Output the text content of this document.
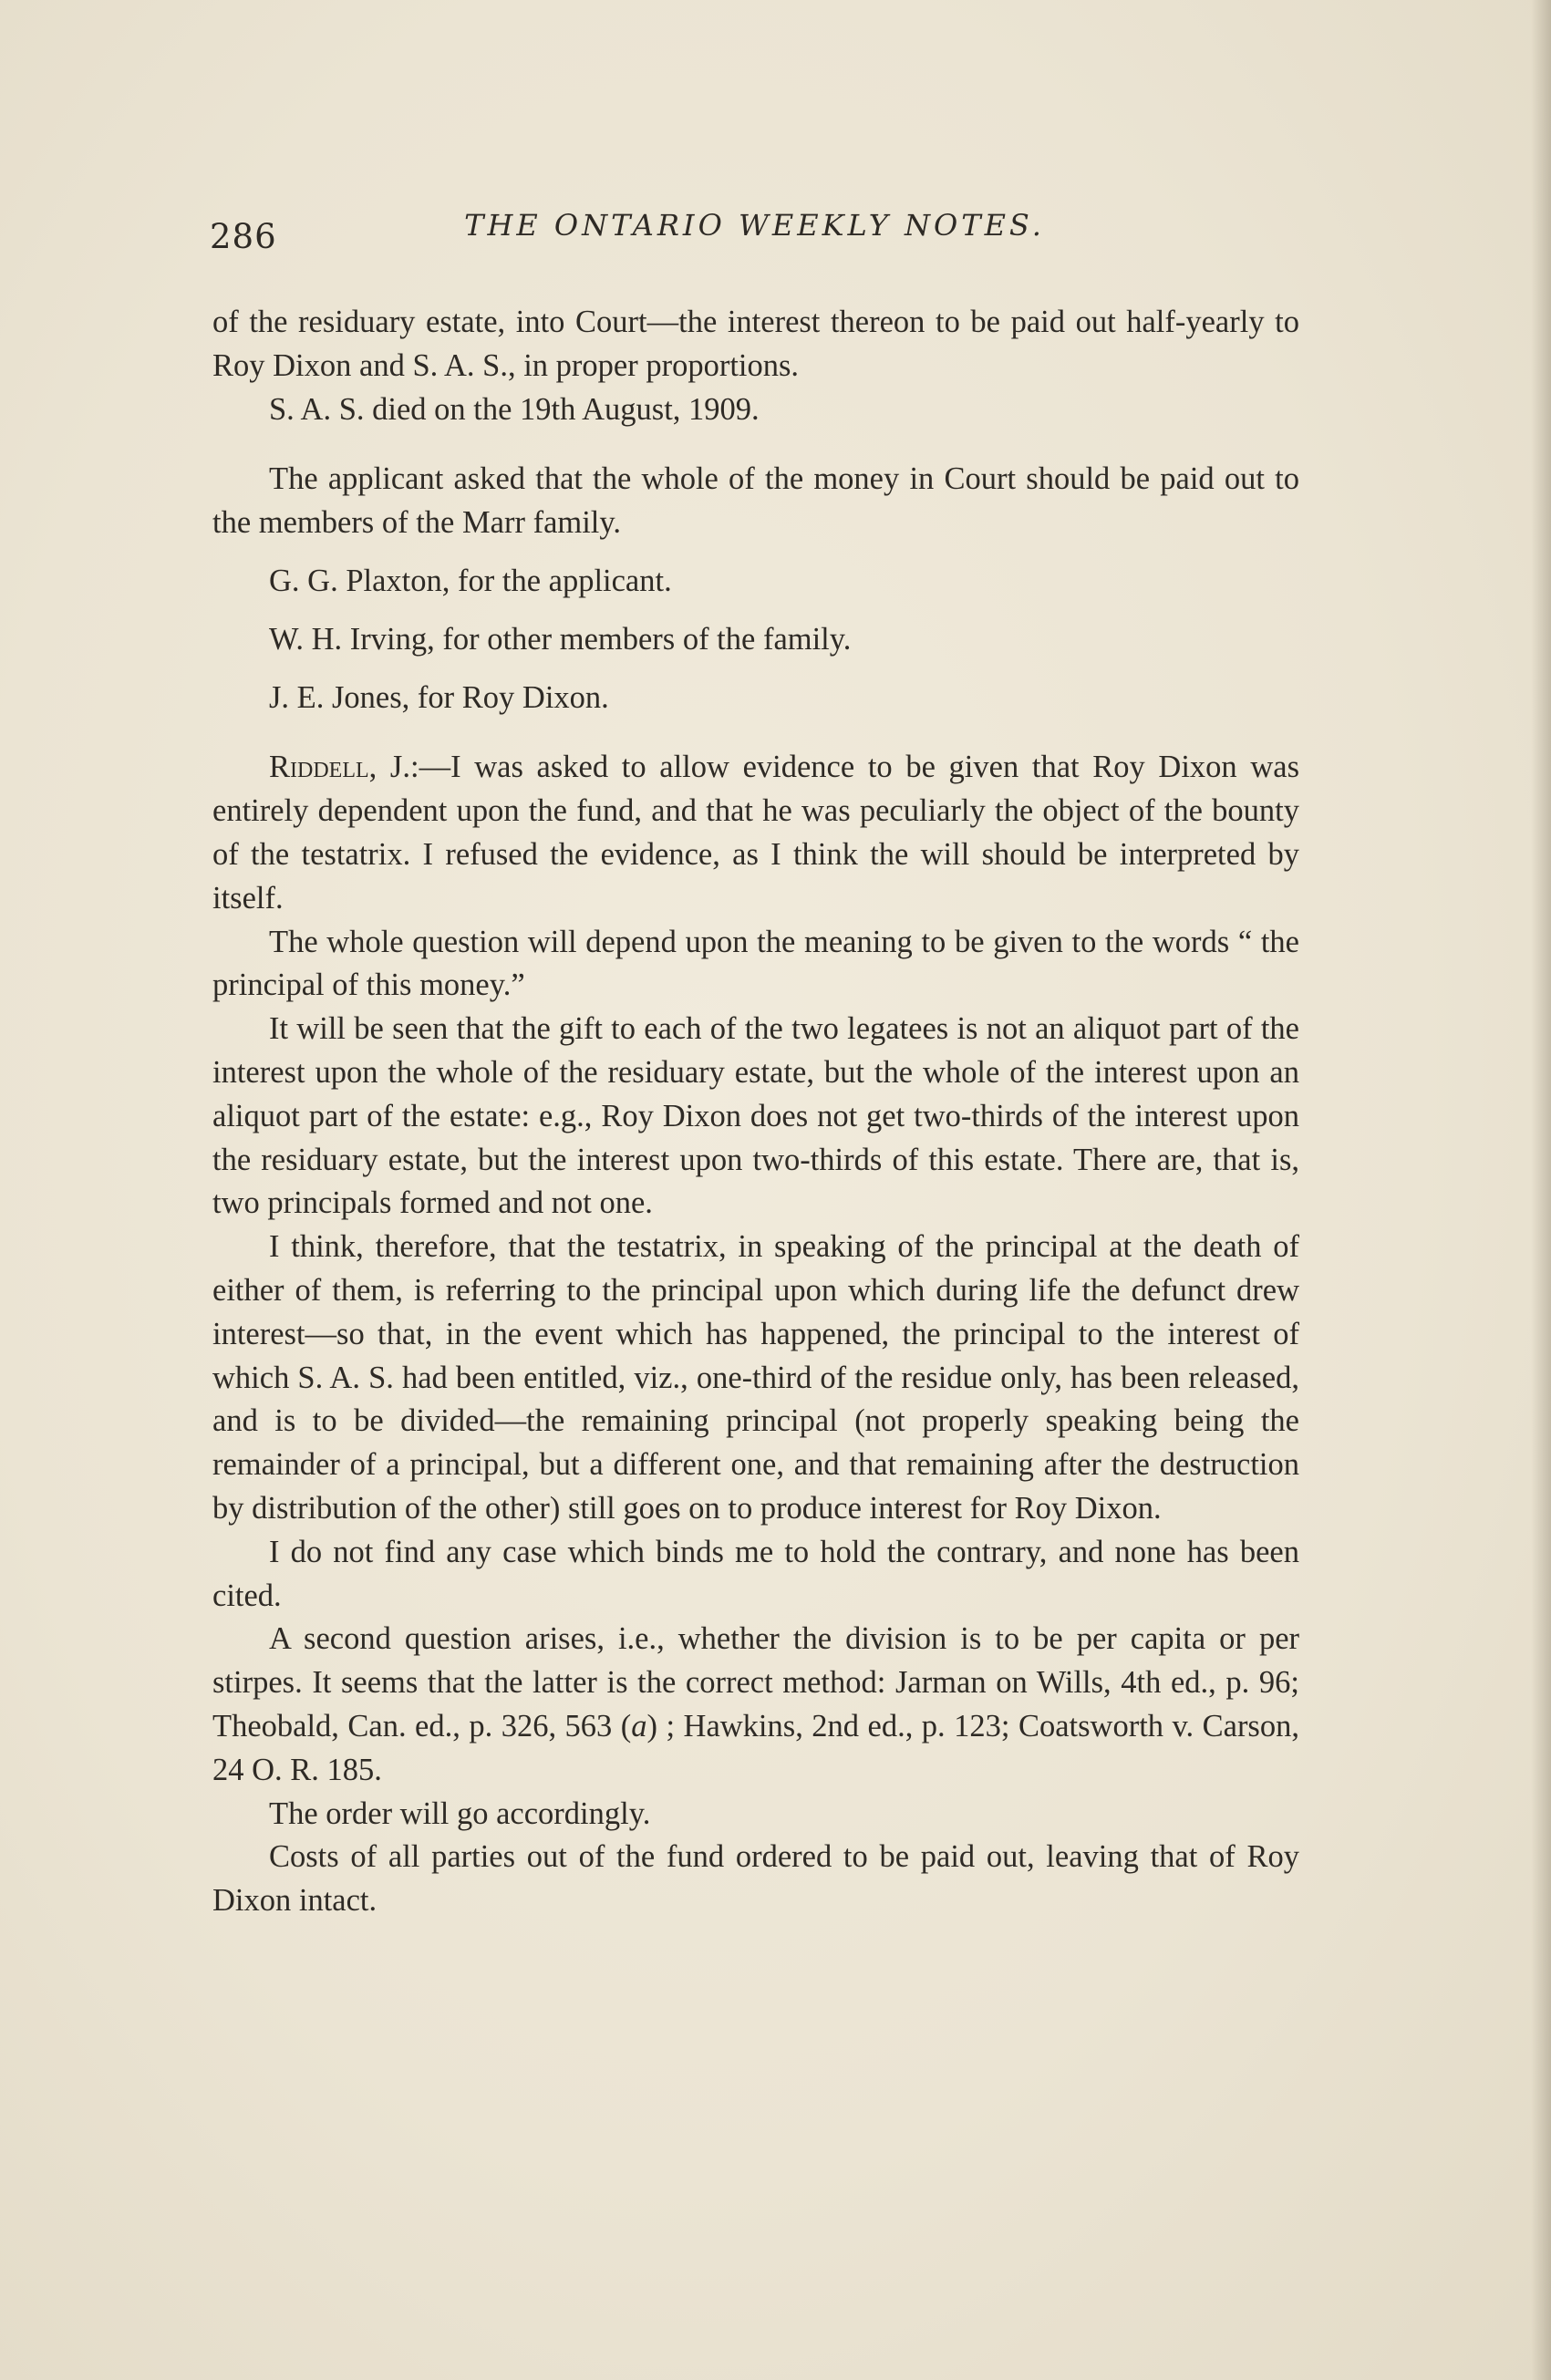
286	THE ONTARIO WEEKLY NOTES.

of the residuary estate, into Court—the interest thereon to be paid out half-yearly to Roy Dixon and S. A. S., in proper proportions.

S. A. S. died on the 19th August, 1909.

The applicant asked that the whole of the money in Court should be paid out to the members of the Marr family.

G. G. Plaxton, for the applicant.

W. H. Irving, for other members of the family.

J. E. Jones, for Roy Dixon.

Riddell, J.:—I was asked to allow evidence to be given that Roy Dixon was entirely dependent upon the fund, and that he was peculiarly the object of the bounty of the testatrix. I refused the evidence, as I think the will should be interpreted by itself.

The whole question will depend upon the meaning to be given to the words “ the principal of this money.”

It will be seen that the gift to each of the two legatees is not an aliquot part of the interest upon the whole of the residuary estate, but the whole of the interest upon an aliquot part of the estate: e.g., Roy Dixon does not get two-thirds of the interest upon the residuary estate, but the interest upon two-thirds of this estate. There are, that is, two principals formed and not one.

I think, therefore, that the testatrix, in speaking of the principal at the death of either of them, is referring to the principal upon which during life the defunct drew interest—so that, in the event which has happened, the principal to the interest of which S. A. S. had been entitled, viz., one-third of the residue only, has been released, and is to be divided—the remaining principal (not properly speaking being the remainder of a principal, but a different one, and that remaining after the destruction by distribution of the other) still goes on to produce interest for Roy Dixon.

I do not find any case which binds me to hold the contrary, and none has been cited.

A second question arises, i.e., whether the division is to be per capita or per stirpes. It seems that the latter is the correct method: Jarman on Wills, 4th ed., p. 96; Theobald, Can. ed., p. 326, 563 (a) ; Hawkins, 2nd ed., p. 123; Coatsworth v. Carson, 24 O. R. 185.

The order will go accordingly.

Costs of all parties out of the fund ordered to be paid out, leaving that of Roy Dixon intact.
